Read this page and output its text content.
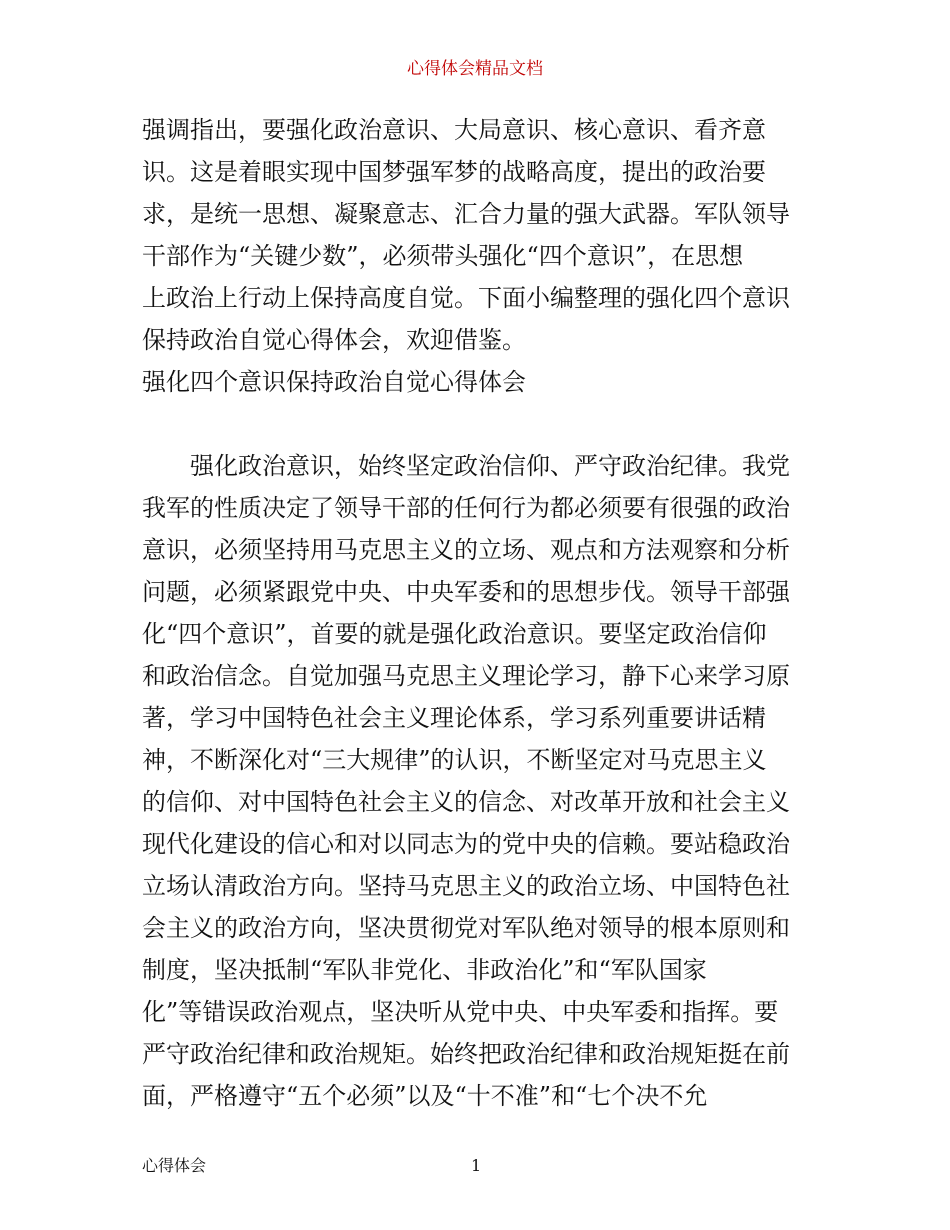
心得体会精品文档
强调指出，要强化政治意识、大局意识、核心意识、看齐意
识。这是着眼实现中国梦强军梦的战略高度，提出的政治要
求，是统一思想、凝聚意志、汇合力量的强大武器。军队领导
干部作为“关键少数”，必须带头强化“四个意识”，在思想
上政治上行动上保持高度自觉。下面小编整理的强化四个意识
保持政治自觉心得体会，欢迎借鉴。
强化四个意识保持政治自觉心得体会
强化政治意识，始终坚定政治信仰、严守政治纪律。我党
我军的性质决定了领导干部的任何行为都必须要有很强的政治
意识，必须坚持用马克思主义的立场、观点和方法观察和分析
问题，必须紧跟党中央、中央军委和的思想步伐。领导干部强
化“四个意识”，首要的就是强化政治意识。要坚定政治信仰
和政治信念。自觉加强马克思主义理论学习，静下心来学习原
著，学习中国特色社会主义理论体系，学习系列重要讲话精
神，不断深化对“三大规律”的认识，不断坚定对马克思主义
的信仰、对中国特色社会主义的信念、对改革开放和社会主义
现代化建设的信心和对以同志为的党中央的信赖。要站稳政治
立场认清政治方向。坚持马克思主义的政治立场、中国特色社
会主义的政治方向，坚决贯彻党对军队绝对领导的根本原则和
制度，坚决抵制“军队非党化、非政治化”和“军队国家
化”等错误政治观点，坚决听从党中央、中央军委和指挥。要
严守政治纪律和政治规矩。始终把政治纪律和政治规矩挺在前
面，严格遵守“五个必须”以及“十不准”和“七个决不允
心得体会	1
